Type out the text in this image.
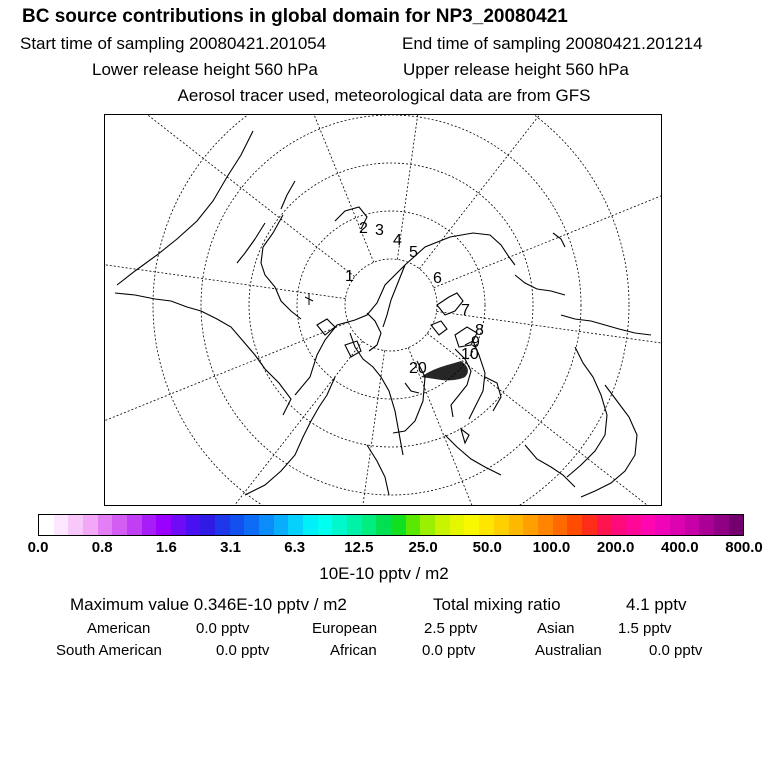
BC source contributions in global domain for NP3_20080421
Start time of sampling 20080421.201054	End time of sampling 20080421.201214
Lower release height 560 hPa	Upper release height 560 hPa
Aerosol tracer used, meteorological data are from GFS
1
2 3
4
5
6
7
8
9
10
20
0.0	0.8	1.6	3.1	6.3	12.5 25.0 50.0 100.0 200.0 400.0 800.0
10E-10 pptv / m2
Maximum value 0.346E-10 pptv / m2	Total mixing ratio	4.1 pptv
American	0.0 pptv	European	2.5 pptv	Asian	1.5 pptv
South American	0.0 pptv	African	0.0 pptv	Australian	0.0 pptv
